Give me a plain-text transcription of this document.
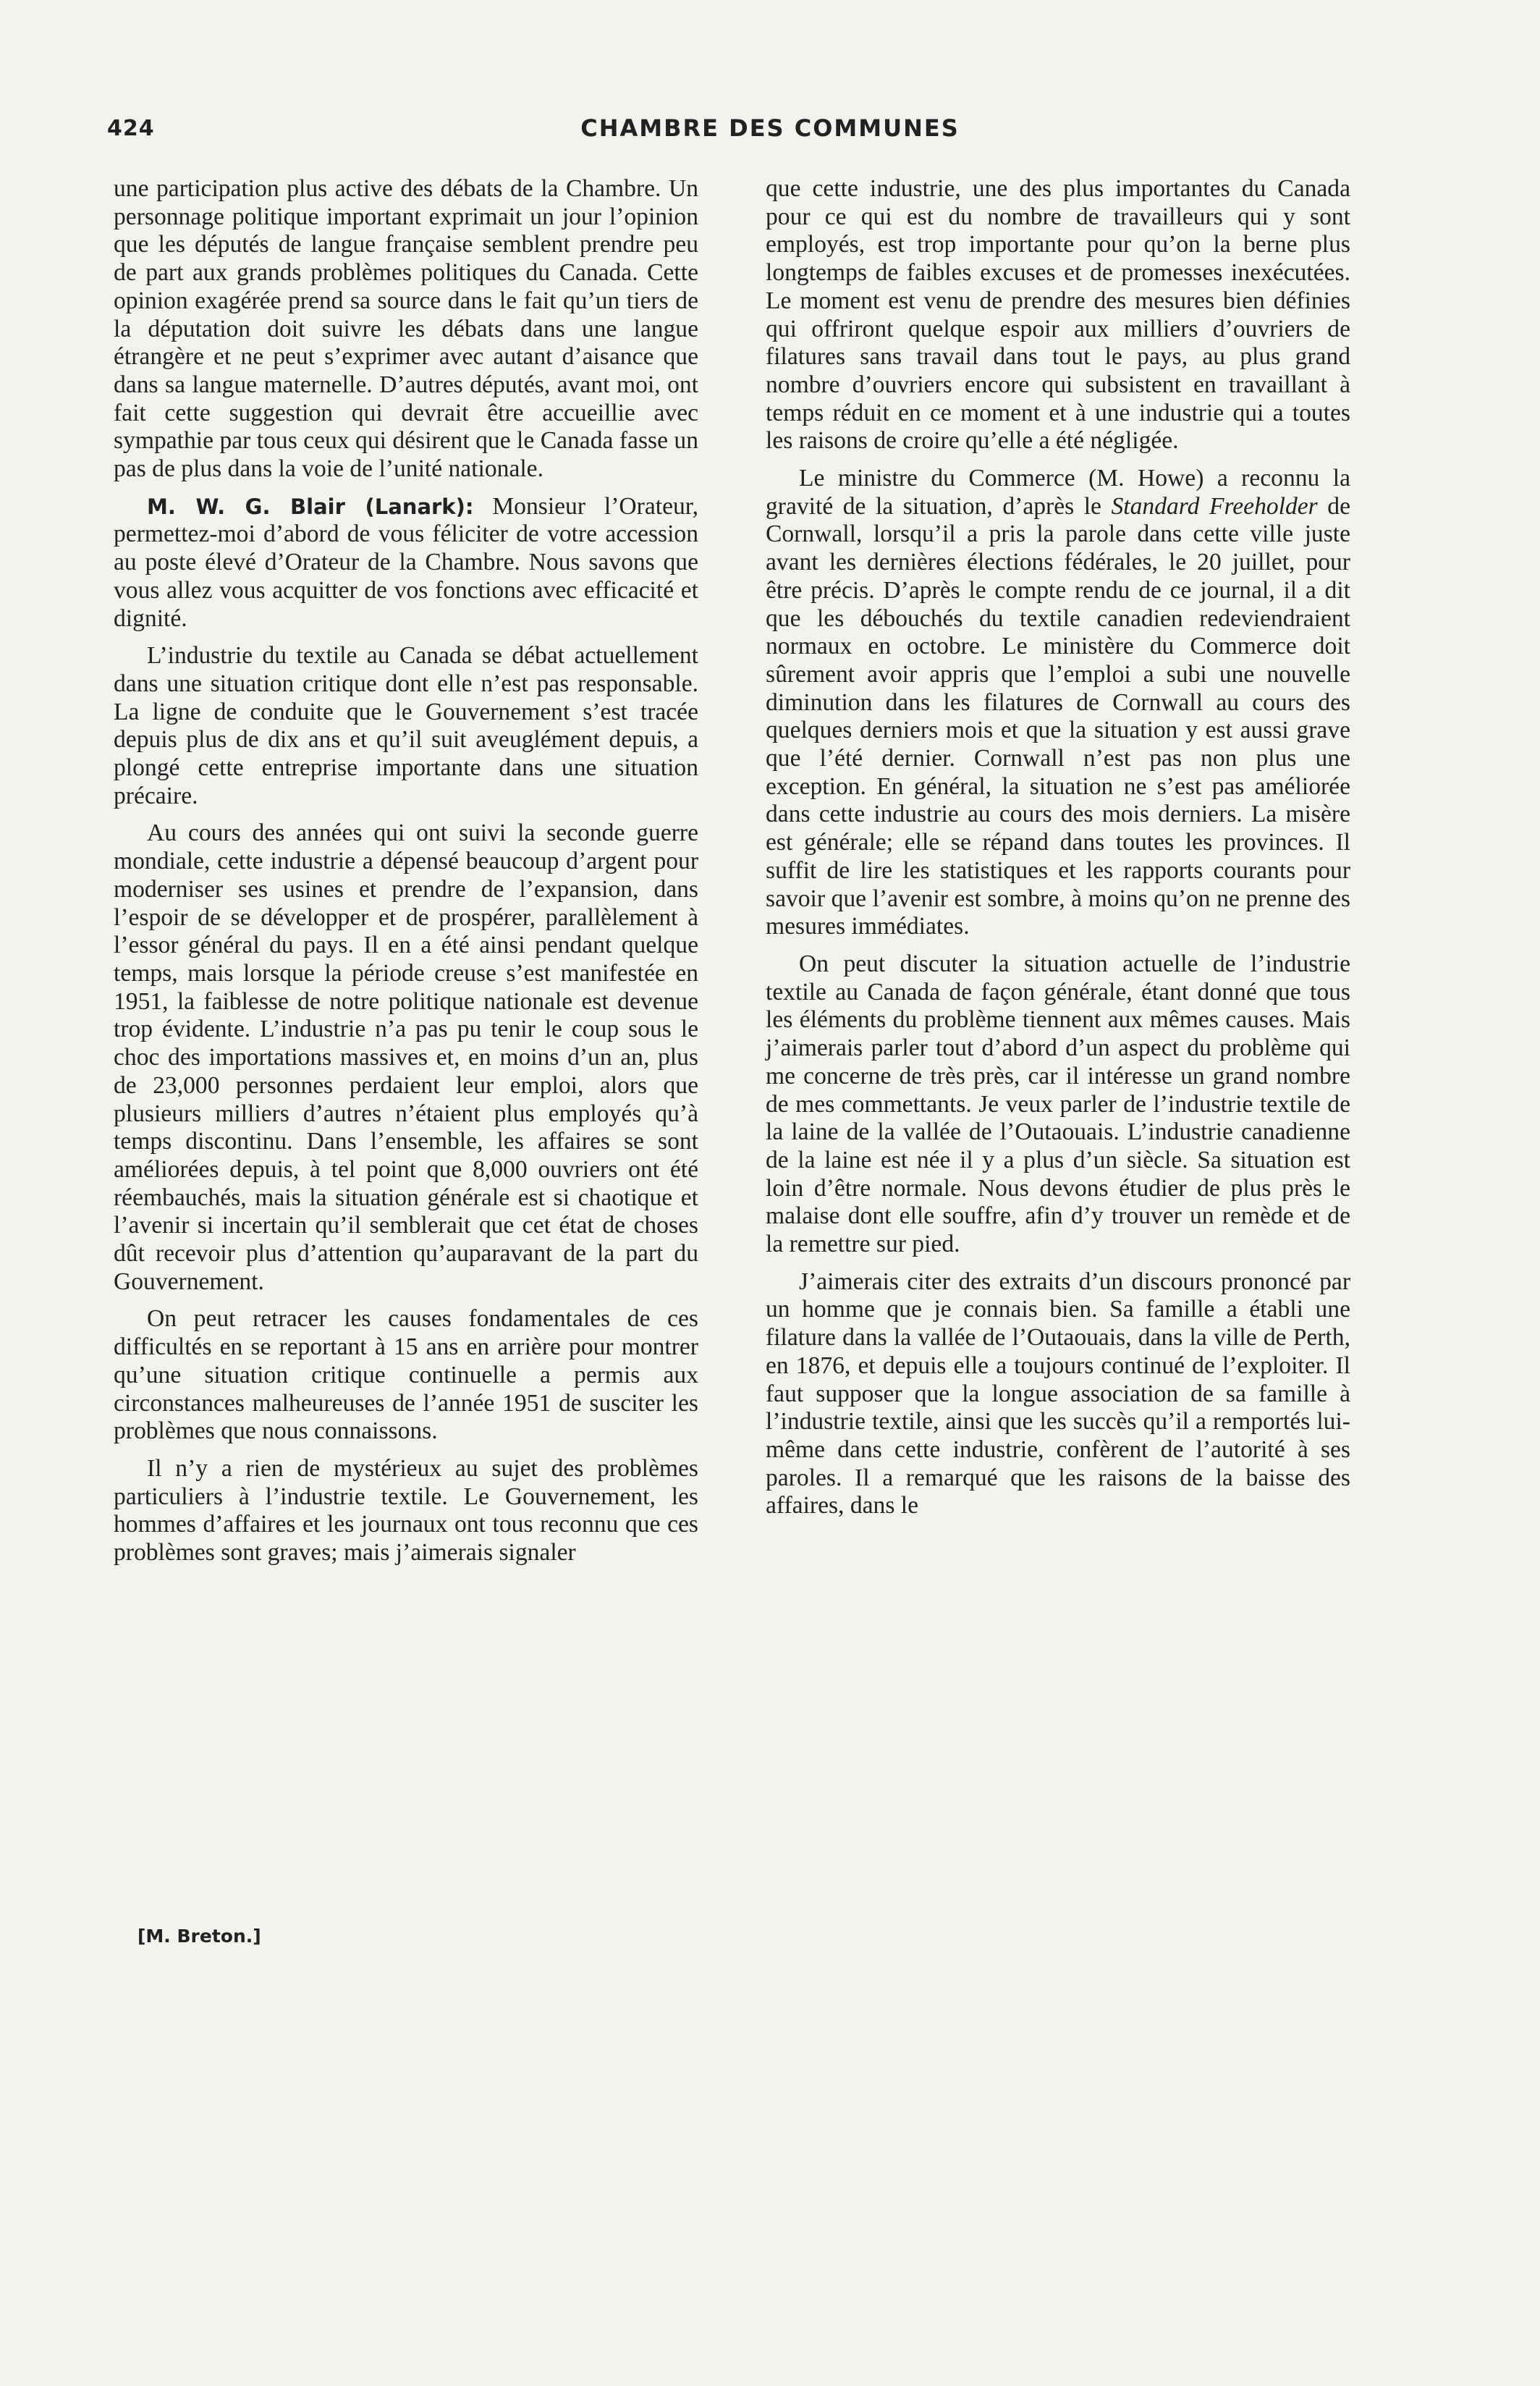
424	CHAMBRE DES COMMUNES

une participation plus active des débats de la Chambre. Un personnage politique important exprimait un jour l’opinion que les députés de langue française semblent prendre peu de part aux grands problèmes politiques du Canada. Cette opinion exagérée prend sa source dans le fait qu’un tiers de la députation doit suivre les débats dans une langue étrangère et ne peut s’exprimer avec autant d’aisance que dans sa langue maternelle. D’autres députés, avant moi, ont fait cette suggestion qui devrait être accueillie avec sympathie par tous ceux qui désirent que le Canada fasse un pas de plus dans la voie de l’unité nationale.

M. W. G. Blair (Lanark): Monsieur l’Orateur, permettez-moi d’abord de vous féliciter de votre accession au poste élevé d’Orateur de la Chambre. Nous savons que vous allez vous acquitter de vos fonctions avec efficacité et dignité.

L’industrie du textile au Canada se débat actuellement dans une situation critique dont elle n’est pas responsable. La ligne de conduite que le Gouvernement s’est tracée depuis plus de dix ans et qu’il suit aveuglément depuis, a plongé cette entreprise importante dans une situation précaire.

Au cours des années qui ont suivi la seconde guerre mondiale, cette industrie a dépensé beaucoup d’argent pour moderniser ses usines et prendre de l’expansion, dans l’espoir de se développer et de prospérer, parallèlement à l’essor général du pays. Il en a été ainsi pendant quelque temps, mais lorsque la période creuse s’est manifestée en 1951, la faiblesse de notre politique nationale est devenue trop évidente. L’industrie n’a pas pu tenir le coup sous le choc des importations massives et, en moins d’un an, plus de 23,000 personnes perdaient leur emploi, alors que plusieurs milliers d’autres n’étaient plus employés qu’à temps discontinu. Dans l’ensemble, les affaires se sont améliorées depuis, à tel point que 8,000 ouvriers ont été réembauchés, mais la situation générale est si chaotique et l’avenir si incertain qu’il semblerait que cet état de choses dût recevoir plus d’attention qu’auparavant de la part du Gouvernement.

On peut retracer les causes fondamentales de ces difficultés en se reportant à 15 ans en arrière pour montrer qu’une situation critique continuelle a permis aux circonstances malheureuses de l’année 1951 de susciter les problèmes que nous connaissons.

Il n’y a rien de mystérieux au sujet des problèmes particuliers à l’industrie textile. Le Gouvernement, les hommes d’affaires et les journaux ont tous reconnu que ces problèmes sont graves; mais j’aimerais signaler

[M. Breton.]

que cette industrie, une des plus importantes du Canada pour ce qui est du nombre de travailleurs qui y sont employés, est trop importante pour qu’on la berne plus longtemps de faibles excuses et de promesses inexécutées. Le moment est venu de prendre des mesures bien définies qui offriront quelque espoir aux milliers d’ouvriers de filatures sans travail dans tout le pays, au plus grand nombre d’ouvriers encore qui subsistent en travaillant à temps réduit en ce moment et à une industrie qui a toutes les raisons de croire qu’elle a été négligée.

Le ministre du Commerce (M. Howe) a reconnu la gravité de la situation, d’après le Standard Freeholder de Cornwall, lorsqu’il a pris la parole dans cette ville juste avant les dernières élections fédérales, le 20 juillet, pour être précis. D’après le compte rendu de ce journal, il a dit que les débouchés du textile canadien redeviendraient normaux en octobre. Le ministère du Commerce doit sûrement avoir appris que l’emploi a subi une nouvelle diminution dans les filatures de Cornwall au cours des quelques derniers mois et que la situation y est aussi grave que l’été dernier. Cornwall n’est pas non plus une exception. En général, la situation ne s’est pas améliorée dans cette industrie au cours des mois derniers. La misère est générale; elle se répand dans toutes les provinces. Il suffit de lire les statistiques et les rapports courants pour savoir que l’avenir est sombre, à moins qu’on ne prenne des mesures immédiates.

On peut discuter la situation actuelle de l’industrie textile au Canada de façon générale, étant donné que tous les éléments du problème tiennent aux mêmes causes. Mais j’aimerais parler tout d’abord d’un aspect du problème qui me concerne de très près, car il intéresse un grand nombre de mes commettants. Je veux parler de l’industrie textile de la laine de la vallée de l’Outaouais. L’industrie canadienne de la laine est née il y a plus d’un siècle. Sa situation est loin d’être normale. Nous devons étudier de plus près le malaise dont elle souffre, afin d’y trouver un remède et de la remettre sur pied.

J’aimerais citer des extraits d’un discours prononcé par un homme que je connais bien. Sa famille a établi une filature dans la vallée de l’Outaouais, dans la ville de Perth, en 1876, et depuis elle a toujours continué de l’exploiter. Il faut supposer que la longue association de sa famille à l’industrie textile, ainsi que les succès qu’il a remportés lui-même dans cette industrie, confèrent de l’autorité à ses paroles. Il a remarqué que les raisons de la baisse des affaires, dans le
